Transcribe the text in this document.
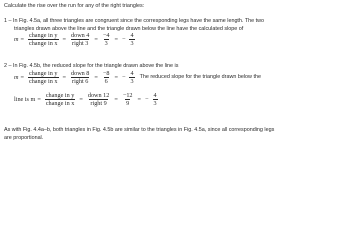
Calculate the rise over the run for any of the right triangles:
1 – In Fig. 4.5a, all three triangles are congruent since the corresponding legs have the same length. The two
triangles drawn above the line and the triangle drawn below the line have the calculated slope of
$m = \frac{\text{change in y}}{\text{change in x}} = \frac{\text{down 4}}{\text{right 3}} = \frac{-4}{3}$ = − $\frac{4}{3}$
2 – In Fig. 4.5b, the reduced slope for the triangle drawn above the line is
$m = \frac{\text{change in y}}{\text{change in x}} = \frac{\text{down 8}}{\text{right 6}} = \frac{-8}{6}$ = − $\frac{4}{3}$ The reduced slope for the triangle drawn below the
line is $m = \frac{\text{change in y}}{\text{change in x}} = \frac{\text{down 12}}{\text{right 9}} = \frac{-12}{9}$ = − $\frac{4}{3}$
As with Fig. 4.4a–b, both triangles in Fig. 4.5b are similar to the triangles in Fig. 4.5a, since all corresponding legs
are proportional.
